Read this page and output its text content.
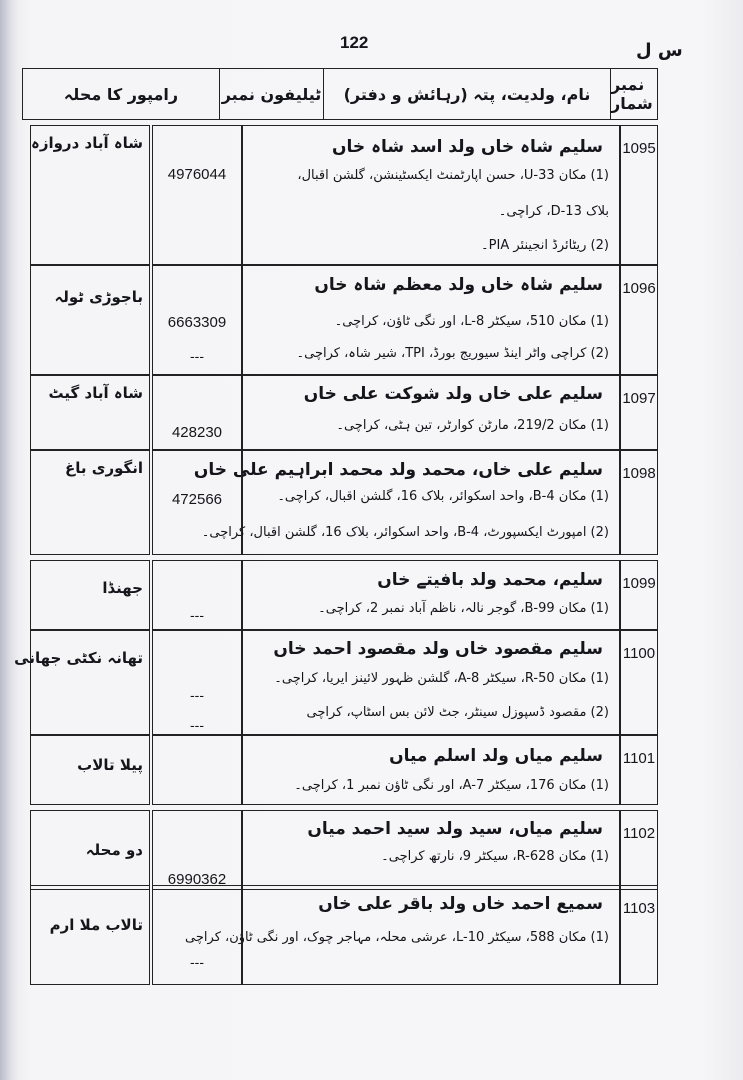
122	س ل
نمبر شمار
نام، ولدیت، پتہ (رہائش و دفتر)
ٹیلیفون نمبر
رامپور کا محلہ
1095
سلیم شاہ خاں ولد اسد شاہ خاں
(1) مکان U-33، حسن اپارٹمنٹ ایکسٹینشن، گلشن اقبال،
بلاک D-13، کراچی۔
(2) ریٹائرڈ انجینئر PIA۔
4976044
شاہ آباد دروازہ
1096
سلیم شاہ خاں ولد معظم شاہ خاں
(1) مکان 510، سیکٹر L-8، اور نگی ٹاؤن، کراچی۔
(2) کراچی واٹر اینڈ سیوریج بورڈ، TPI، شیر شاہ، کراچی۔
6663309
---
باجوڑی ٹولہ
1097
سلیم علی خاں ولد شوکت علی خاں
(1) مکان 219/2، مارٹن کوارٹر، تین ہٹی، کراچی۔
428230
شاہ آباد گیٹ
1098
سلیم علی خاں، محمد ولد محمد ابراہیم علی خاں
(1) مکان B-4، واحد اسکوائر، بلاک 16، گلشن اقبال، کراچی۔
(2) امپورٹ ایکسپورٹ، B-4، واحد اسکوائر، بلاک 16، گلشن اقبال، کراچی۔
472566
انگوری باغ
1099
سلیم، محمد ولد بافیتے خاں
(1) مکان B-99، گوجر نالہ، ناظم آباد نمبر 2، کراچی۔
---
جھنڈا
1100
سلیم مقصود خاں ولد مقصود احمد خاں
(1) مکان R-50، سیکٹر A-8، گلشن ظہور لائینز ایریا، کراچی۔
(2) مقصود ڈسپوزل سینٹر، جٹ لائن بس اسٹاپ، کراچی
---
---
تھانہ نکٹی جھانی
1101
سلیم میاں ولد اسلم میاں
(1) مکان 176، سیکٹر A-7، اور نگی ٹاؤن نمبر 1، کراچی۔
پیلا تالاب
1102
سلیم میاں، سید ولد سید احمد میاں
(1) مکان R-628، سیکٹر 9، نارتھ کراچی۔
6990362
دو محلہ
1103
سمیع احمد خاں ولد باقر علی خاں
(1) مکان 588، سیکٹر L-10، عرشی محلہ، مہاجر چوک، اور نگی ٹاؤن، کراچی
---
تالاب ملا ارم
